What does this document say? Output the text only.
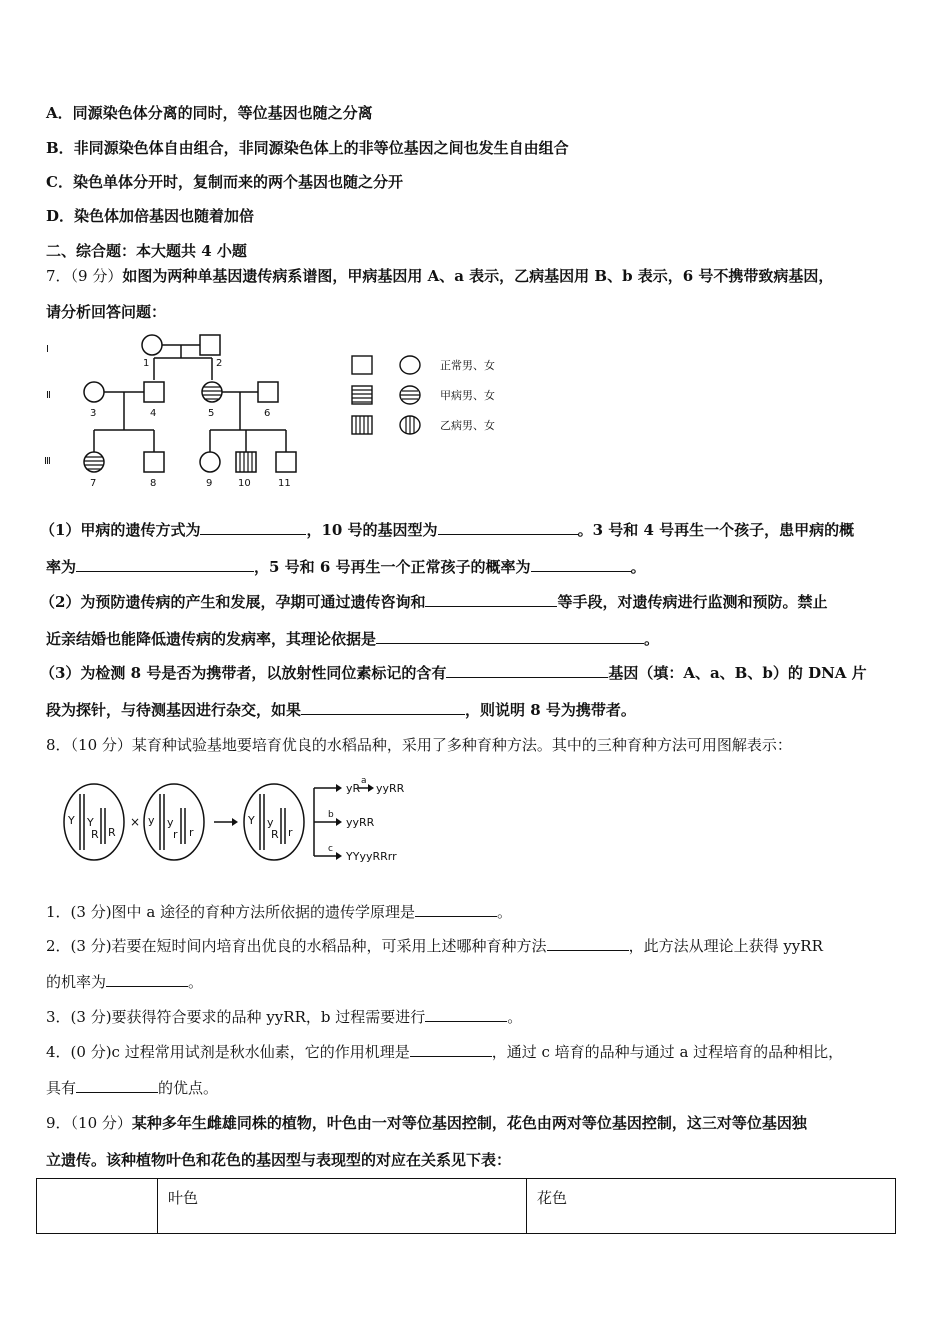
A．同源染色体分离的同时，等位基因也随之分离
B．非同源染色体自由组合，非同源染色体上的非等位基因之间也发生自由组合
C．染色单体分开时，复制而来的两个基因也随之分开
D．染色体加倍基因也随着加倍
二、综合题：本大题共 4 小题
7．（9 分）如图为两种单基因遗传病系谱图，甲病基因用 A、a 表示，乙病基因用 B、b 表示，6 号不携带致病基因，
请分析回答问题：
Ⅰ
Ⅱ
Ⅲ
1	2
3	4	5	6
7	8	9	10	11
正常男、女
甲病男、女
乙病男、女
（1）甲病的遗传方式为	，10 号的基因型为	。3 号和 4 号再生一个孩子，患甲病的概
率为	，5 号和 6 号再生一个正常孩子的概率为	。
（2）为预防遗传病的产生和发展，孕期可通过遗传咨询和	等手段，对遗传病进行监测和预防。禁止
近亲结婚也能降低遗传病的发病率，其理论依据是	。
（3）为检测 8 号是否为携带者，以放射性同位素标记的含有	基因（填：A、a、B、b）的 DNA 片
段为探针，与待测基因进行杂交，如果	，则说明 8 号为携带者。
8．（10 分）某育种试验基地要培育优良的水稻品种，采用了多种育种方法。其中的三种育种方法可用图解表示：
Y Y
R R
× y y
r r
Y y
R r
yR
a
yyRR
b
yyRR
c
YYyyRRrr
1．(3 分)图中 a 途径的育种方法所依据的遗传学原理是	。
2．(3 分)若要在短时间内培育出优良的水稻品种，可采用上述哪种育种方法	，此方法从理论上获得 yyRR
的机率为	。
3．(3 分)要获得符合要求的品种 yyRR，b 过程需要进行	。
4．(0 分)c 过程常用试剂是秋水仙素，它的作用机理是	，通过 c 培育的品种与通过 a 过程培育的品种相比，
具有	的优点。
9．（10 分）某种多年生雌雄同株的植物，叶色由一对等位基因控制，花色由两对等位基因控制，这三对等位基因独
立遗传。该种植物叶色和花色的基因型与表现型的对应在关系见下表：
	叶色	花色
